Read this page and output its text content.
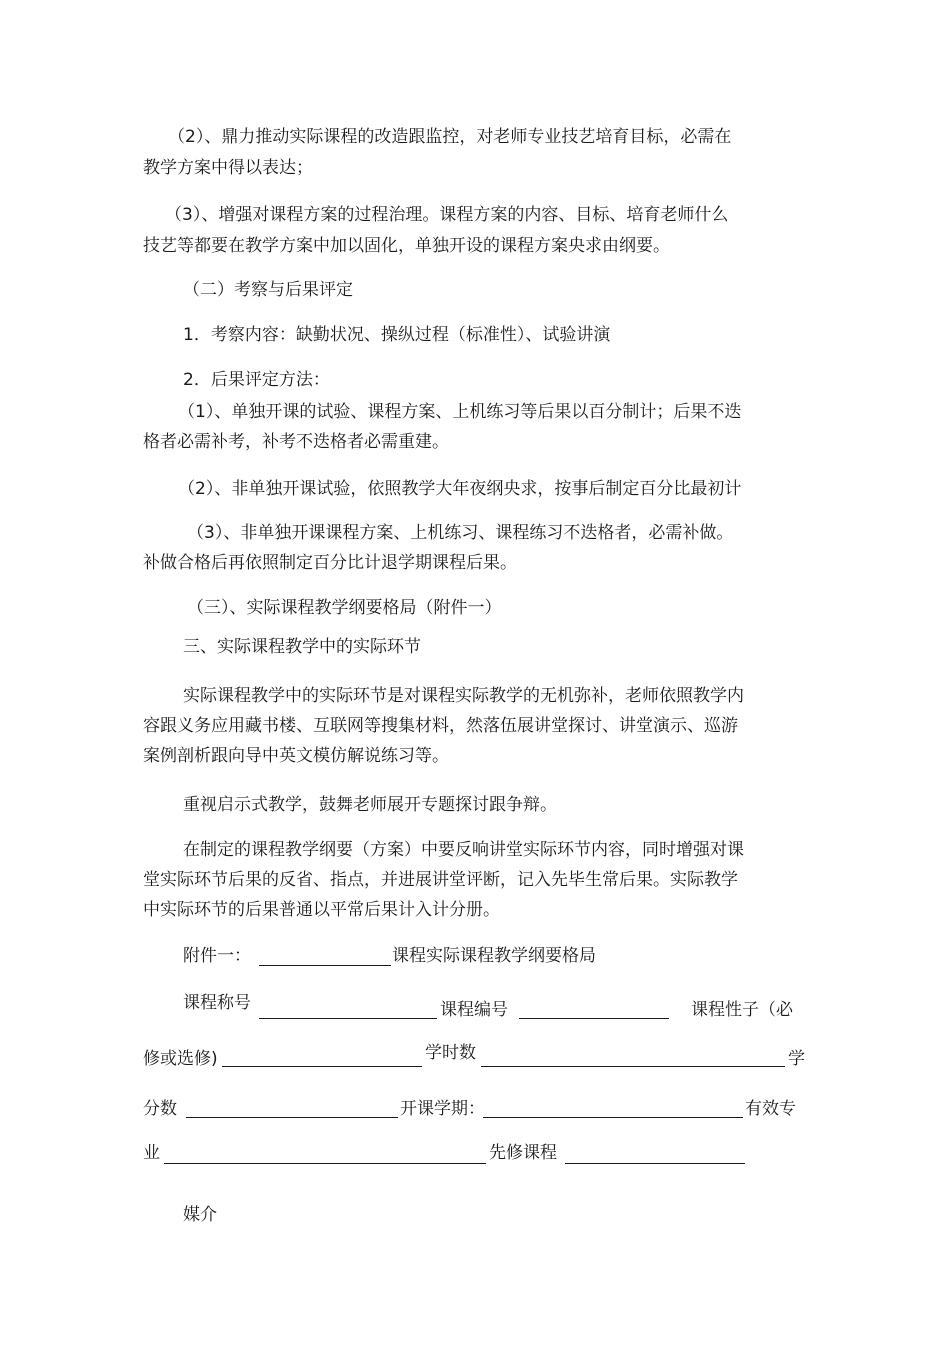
（2）、鼎力推动实际课程的改造跟监控，对老师专业技艺培育目标，必需在
教学方案中得以表达；
（3）、增强对课程方案的过程治理。课程方案的内容、目标、培育老师什么
技艺等都要在教学方案中加以固化，单独开设的课程方案央求由纲要。
（二）考察与后果评定
1．考察内容：缺勤状况、操纵过程（标准性）、试验讲演
2．后果评定方法：
（1）、单独开课的试验、课程方案、上机练习等后果以百分制计；后果不迭
格者必需补考，补考不迭格者必需重建。
（2）、非单独开课试验，依照教学大年夜纲央求，按事后制定百分比最初计
（3）、非单独开课课程方案、上机练习、课程练习不迭格者，必需补做。
补做合格后再依照制定百分比计退学期课程后果。
（三）、实际课程教学纲要格局（附件一）
三、实际课程教学中的实际环节
实际课程教学中的实际环节是对课程实际教学的无机弥补，老师依照教学内
容跟义务应用藏书楼、互联网等搜集材料，然落伍展讲堂探讨、讲堂演示、巡游
案例剖析跟向导中英文模仿解说练习等。
重视启示式教学，鼓舞老师展开专题探讨跟争辩。
在制定的课程教学纲要（方案）中要反响讲堂实际环节内容，同时增强对课
堂实际环节后果的反省、指点，并进展讲堂评断，记入先毕生常后果。实际教学
中实际环节的后果普通以平常后果计入计分册。
附件一：	课程实际课程教学纲要格局
课程称号	课程编号	课程性子（必
修或选修)	学时数	学
分数	开课学期：	有效专
业	先修课程
媒介
